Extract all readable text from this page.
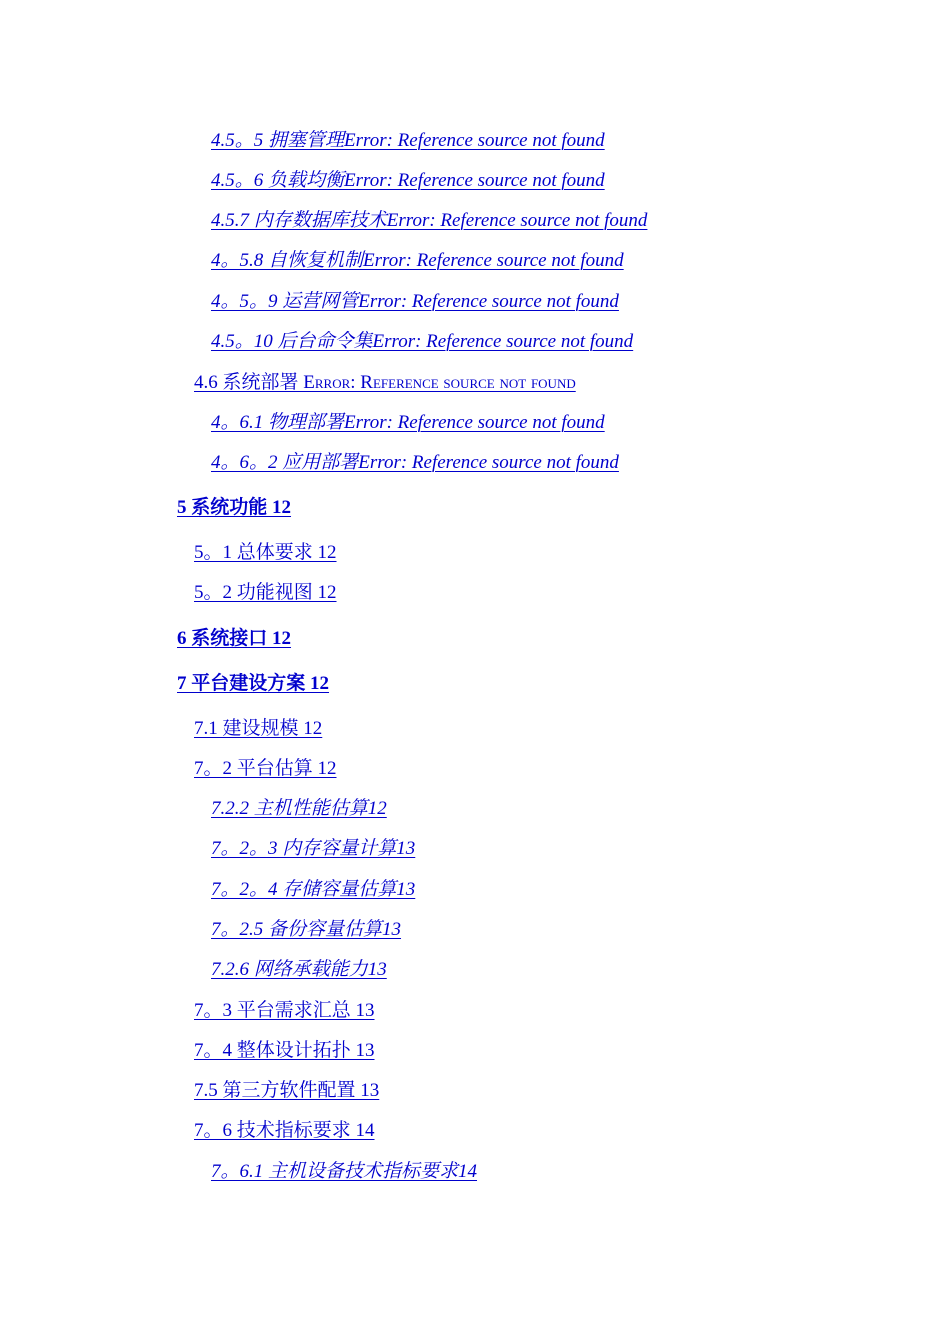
4.5。5 拥塞管理Error: Reference source not found
4.5。6 负载均衡Error: Reference source not found
4.5.7 内存数据库技术Error: Reference source not found
4。5.8 自恢复机制Error: Reference source not found
4。5。9 运营网管Error: Reference source not found
4.5。10 后台命令集Error: Reference source not found
4.6 系统部署 Error: Reference source not found
4。6.1 物理部署Error: Reference source not found
4。6。2 应用部署Error: Reference source not found
5 系统功能 12
5。1 总体要求 12
5。2 功能视图 12
6 系统接口 12
7 平台建设方案 12
7.1 建设规模 12
7。2 平台估算 12
7.2.2 主机性能估算12
7。2。3 内存容量计算13
7。2。4 存储容量估算13
7。2.5 备份容量估算13
7.2.6 网络承载能力13
7。3 平台需求汇总 13
7。4 整体设计拓扑 13
7.5 第三方软件配置 13
7。6 技术指标要求 14
7。6.1 主机设备技术指标要求14
